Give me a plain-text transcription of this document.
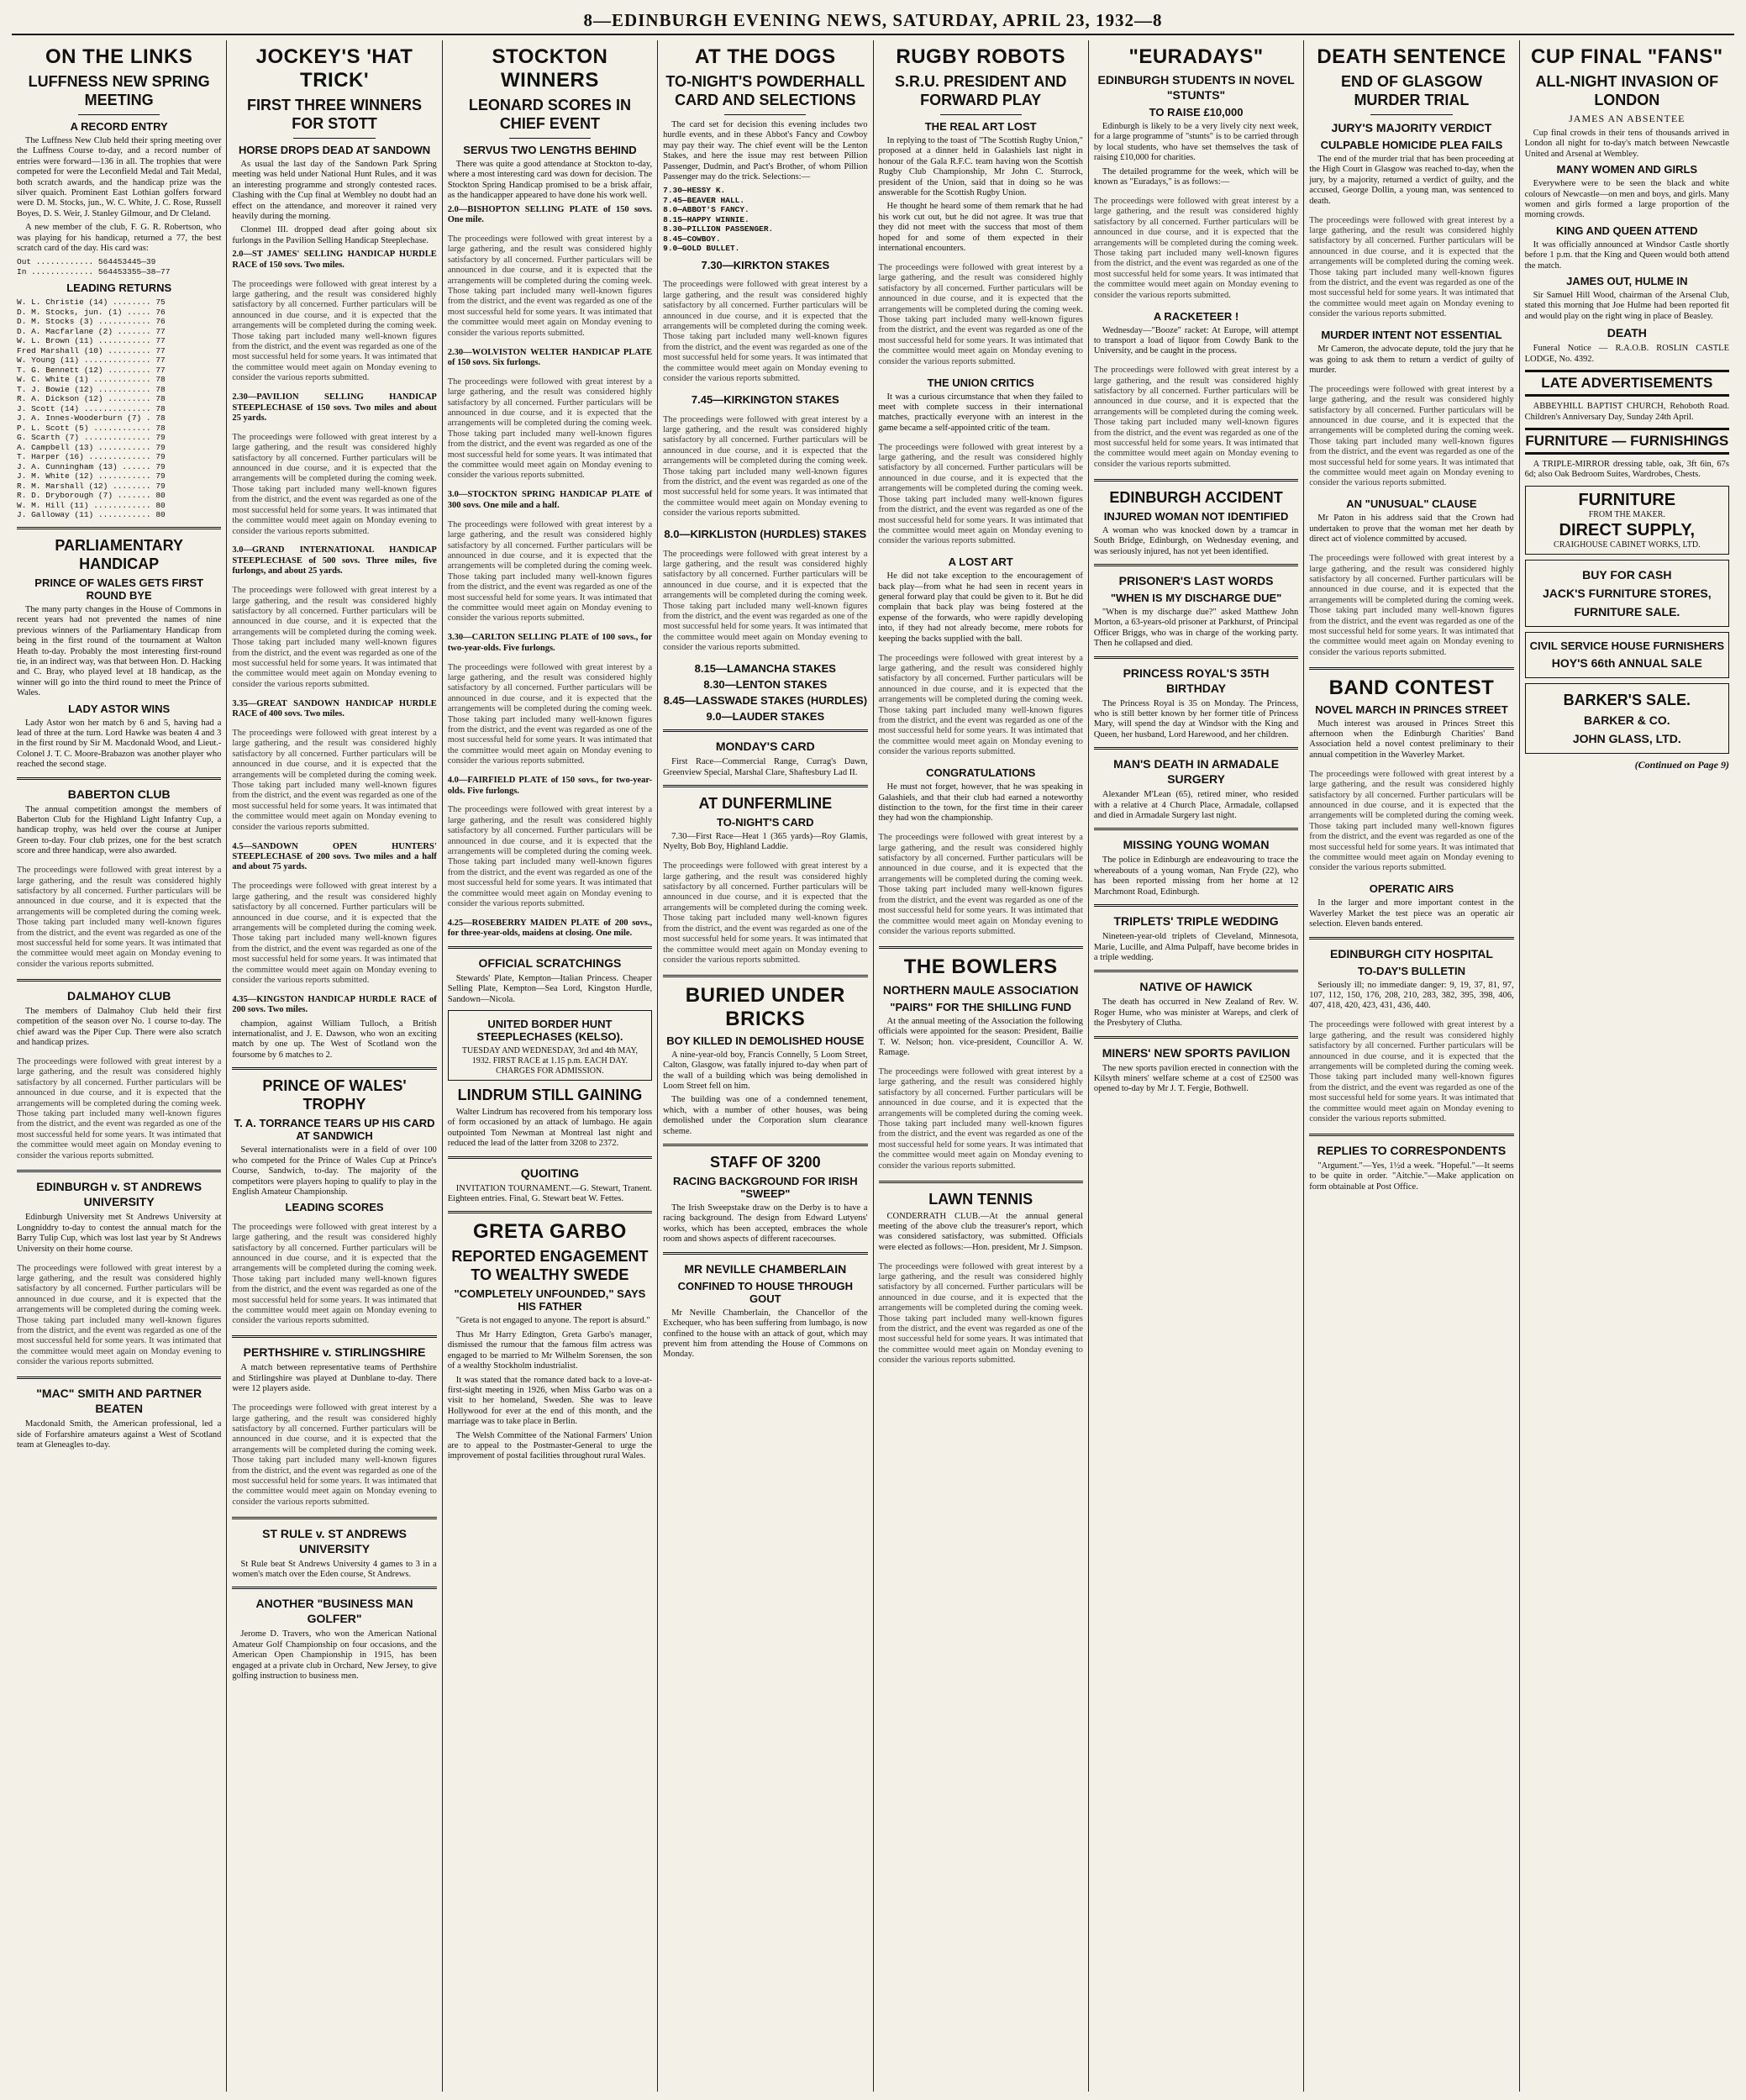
8—EDINBURGH EVENING NEWS, SATURDAY, APRIL 23, 1932—8
ON THE LINKS
LUFFNESS NEW SPRING MEETING
A RECORD ENTRY

The Luffness New Club held their spring meeting over the Luffness Course to-day, and a record number of entries were forward—136 in all. The trophies that were competed for were the Leconfield Medal and Tait Medal, both scratch awards, and the handicap prize was the silver quaich. Prominent East Lothian golfers forward were D. M. Stocks, jun., W. C. White, J. C. Rose, Russell Boyes, D. S. Weir, J. Stanley Gilmour, and Dr Cleland.

A new member of the club, F. G. R. Robertson, who was playing for his handicap, returned a 77, the best scratch card of the day. His card was:

Out ............ 564453445—39
In ............. 564453355—38—77
LEADING RETURNS
W. L. Christie (14) ........ 75
D. M. Stocks, jun. (1) ..... 76
D. M. Stocks (3) ........... 76
D. A. Macfarlane (2) ....... 77
W. L. Brown (11) ........... 77
Fred Marshall (10) ......... 77
W. Young (11) .............. 77
T. G. Bennett (12) ......... 77
W. C. White (1) ............ 78
T. J. Bowie (12) ........... 78
R. A. Dickson (12) ......... 78
J. Scott (14) .............. 78
J. A. Innes-Wooderburn (7) . 78
P. L. Scott (5) ............ 78
G. Scarth (7) .............. 79
A. Campbell (13) ........... 79
T. Harper (16) ............. 79
J. A. Cunningham (13) ...... 79
J. M. White (12) ........... 79
R. M. Marshall (12) ........ 79
R. D. Dryborough (7) ....... 80
W. M. Hill (11) ............ 80
J. Galloway (11) ........... 80
PARLIAMENTARY HANDICAP
PRINCE OF WALES GETS FIRST ROUND BYE

The many party changes in the House of Commons in recent years had not prevented the names of nine previous winners of the Parliamentary Handicap from being in the first round of the tournament at Walton Heath to-day. Probably the most interesting first-round tie, in an indirect way, was that between Hon. D. Hacking and C. Bray, who played level at 18 handicap, as the winner will go into the third round to meet the Prince of Wales.

LADY ASTOR WINS

Lady Astor won her match by 6 and 5, having had a lead of three at the turn. Lord Hawke was beaten 4 and 3 in the first round by Sir M. Macdonald Wood, and Lieut.-Colonel J. T. C. Moore-Brabazon was another player who reached the second stage.

BABERTON CLUB

The annual competition amongst the members of Baberton Club for the Highland Light Infantry Cup, a handicap trophy, was held over the course at Juniper Green to-day. Four club prizes, one for the best scratch score and three handicap, were also awarded.

The proceedings were followed with great interest by a large gathering, and the result was considered highly satisfactory by all concerned. Further particulars will be announced in due course, and it is expected that the arrangements will be completed during the coming week. Those taking part included many well-known figures from the district, and the event was regarded as one of the most successful held for some years. It was intimated that the committee would meet again on Monday evening to consider the various reports submitted.

DALMAHOY CLUB

The members of Dalmahoy Club held their first competition of the season over No. 1 course to-day. The chief award was the Piper Cup. There were also scratch and handicap prizes.

The proceedings were followed with great interest by a large gathering, and the result was considered highly satisfactory by all concerned. Further particulars will be announced in due course, and it is expected that the arrangements will be completed during the coming week. Those taking part included many well-known figures from the district, and the event was regarded as one of the most successful held for some years. It was intimated that the committee would meet again on Monday evening to consider the various reports submitted.

EDINBURGH v. ST ANDREWS UNIVERSITY

Edinburgh University met St Andrews University at Longniddry to-day to contest the annual match for the Barry Tulip Cup, which was lost last year by St Andrews University on their home course.

The proceedings were followed with great interest by a large gathering, and the result was considered highly satisfactory by all concerned. Further particulars will be announced in due course, and it is expected that the arrangements will be completed during the coming week. Those taking part included many well-known figures from the district, and the event was regarded as one of the most successful held for some years. It was intimated that the committee would meet again on Monday evening to consider the various reports submitted.

"MAC" SMITH AND PARTNER BEATEN

Macdonald Smith, the American professional, led a side of Forfarshire amateurs against a West of Scotland team at Gleneagles to-day.

JOCKEY'S 'HAT TRICK'
FIRST THREE WINNERS FOR STOTT
HORSE DROPS DEAD AT SANDOWN

As usual the last day of the Sandown Park Spring meeting was held under National Hunt Rules, and it was an interesting programme and strongly contested races. Clashing with the Cup final at Wembley no doubt had an effect on the attendance, and moreover it rained very heavily during the morning.

Clonmel III. dropped dead after going about six furlongs in the Pavilion Selling Handicap Steeplechase.

2.0—ST JAMES' SELLING HANDICAP HURDLE RACE of 150 sovs. Two miles.

The proceedings were followed with great interest by a large gathering, and the result was considered highly satisfactory by all concerned. Further particulars will be announced in due course, and it is expected that the arrangements will be completed during the coming week. Those taking part included many well-known figures from the district, and the event was regarded as one of the most successful held for some years. It was intimated that the committee would meet again on Monday evening to consider the various reports submitted.

2.30—PAVILION SELLING HANDICAP STEEPLECHASE of 150 sovs. Two miles and about 25 yards.

The proceedings were followed with great interest by a large gathering, and the result was considered highly satisfactory by all concerned. Further particulars will be announced in due course, and it is expected that the arrangements will be completed during the coming week. Those taking part included many well-known figures from the district, and the event was regarded as one of the most successful held for some years. It was intimated that the committee would meet again on Monday evening to consider the various reports submitted.

3.0—GRAND INTERNATIONAL HANDICAP STEEPLECHASE of 500 sovs. Three miles, five furlongs, and about 25 yards.

The proceedings were followed with great interest by a large gathering, and the result was considered highly satisfactory by all concerned. Further particulars will be announced in due course, and it is expected that the arrangements will be completed during the coming week. Those taking part included many well-known figures from the district, and the event was regarded as one of the most successful held for some years. It was intimated that the committee would meet again on Monday evening to consider the various reports submitted.

3.35—GREAT SANDOWN HANDICAP HURDLE RACE of 400 sovs. Two miles.

The proceedings were followed with great interest by a large gathering, and the result was considered highly satisfactory by all concerned. Further particulars will be announced in due course, and it is expected that the arrangements will be completed during the coming week. Those taking part included many well-known figures from the district, and the event was regarded as one of the most successful held for some years. It was intimated that the committee would meet again on Monday evening to consider the various reports submitted.

4.5—SANDOWN OPEN HUNTERS' STEEPLECHASE of 200 sovs. Two miles and a half and about 75 yards.

The proceedings were followed with great interest by a large gathering, and the result was considered highly satisfactory by all concerned. Further particulars will be announced in due course, and it is expected that the arrangements will be completed during the coming week. Those taking part included many well-known figures from the district, and the event was regarded as one of the most successful held for some years. It was intimated that the committee would meet again on Monday evening to consider the various reports submitted.

4.35—KINGSTON HANDICAP HURDLE RACE of 200 sovs. Two miles.

champion, against William Tulloch, a British internationalist, and J. E. Dawson, who won an exciting match by one up. The West of Scotland won the foursome by 6 matches to 2.

PRINCE OF WALES' TROPHY
T. A. TORRANCE TEARS UP HIS CARD AT SANDWICH

Several internationalists were in a field of over 100 who competed for the Prince of Wales Cup at Prince's Course, Sandwich, to-day. The majority of the competitors were players hoping to qualify to play in the English Amateur Championship.

LEADING SCORES

The proceedings were followed with great interest by a large gathering, and the result was considered highly satisfactory by all concerned. Further particulars will be announced in due course, and it is expected that the arrangements will be completed during the coming week. Those taking part included many well-known figures from the district, and the event was regarded as one of the most successful held for some years. It was intimated that the committee would meet again on Monday evening to consider the various reports submitted.

PERTHSHIRE v. STIRLINGSHIRE

A match between representative teams of Perthshire and Stirlingshire was played at Dunblane to-day. There were 12 players aside.

The proceedings were followed with great interest by a large gathering, and the result was considered highly satisfactory by all concerned. Further particulars will be announced in due course, and it is expected that the arrangements will be completed during the coming week. Those taking part included many well-known figures from the district, and the event was regarded as one of the most successful held for some years. It was intimated that the committee would meet again on Monday evening to consider the various reports submitted.

ST RULE v. ST ANDREWS UNIVERSITY

St Rule beat St Andrews University 4 games to 3 in a women's match over the Eden course, St Andrews.

ANOTHER "BUSINESS MAN GOLFER"

Jerome D. Travers, who won the American National Amateur Golf Championship on four occasions, and the American Open Championship in 1915, has been engaged at a private club in Orchard, New Jersey, to give golfing instruction to business men.

STOCKTON WINNERS
LEONARD SCORES IN CHIEF EVENT
SERVUS TWO LENGTHS BEHIND

There was quite a good attendance at Stockton to-day, where a most interesting card was down for decision. The Stockton Spring Handicap promised to be a brisk affair, as the handicapper appeared to have done his work well.

2.0—BISHOPTON SELLING PLATE of 150 sovs. One mile.

The proceedings were followed with great interest by a large gathering, and the result was considered highly satisfactory by all concerned. Further particulars will be announced in due course, and it is expected that the arrangements will be completed during the coming week. Those taking part included many well-known figures from the district, and the event was regarded as one of the most successful held for some years. It was intimated that the committee would meet again on Monday evening to consider the various reports submitted.

2.30—WOLVISTON WELTER HANDICAP PLATE of 150 sovs. Six furlongs.

The proceedings were followed with great interest by a large gathering, and the result was considered highly satisfactory by all concerned. Further particulars will be announced in due course, and it is expected that the arrangements will be completed during the coming week. Those taking part included many well-known figures from the district, and the event was regarded as one of the most successful held for some years. It was intimated that the committee would meet again on Monday evening to consider the various reports submitted.

3.0—STOCKTON SPRING HANDICAP PLATE of 300 sovs. One mile and a half.

The proceedings were followed with great interest by a large gathering, and the result was considered highly satisfactory by all concerned. Further particulars will be announced in due course, and it is expected that the arrangements will be completed during the coming week. Those taking part included many well-known figures from the district, and the event was regarded as one of the most successful held for some years. It was intimated that the committee would meet again on Monday evening to consider the various reports submitted.

3.30—CARLTON SELLING PLATE of 100 sovs., for two-year-olds. Five furlongs.

The proceedings were followed with great interest by a large gathering, and the result was considered highly satisfactory by all concerned. Further particulars will be announced in due course, and it is expected that the arrangements will be completed during the coming week. Those taking part included many well-known figures from the district, and the event was regarded as one of the most successful held for some years. It was intimated that the committee would meet again on Monday evening to consider the various reports submitted.

4.0—FAIRFIELD PLATE of 150 sovs., for two-year-olds. Five furlongs.

The proceedings were followed with great interest by a large gathering, and the result was considered highly satisfactory by all concerned. Further particulars will be announced in due course, and it is expected that the arrangements will be completed during the coming week. Those taking part included many well-known figures from the district, and the event was regarded as one of the most successful held for some years. It was intimated that the committee would meet again on Monday evening to consider the various reports submitted.

4.25—ROSEBERRY MAIDEN PLATE of 200 sovs., for three-year-olds, maidens at closing. One mile.

OFFICIAL SCRATCHINGS

Stewards' Plate, Kempton—Italian Princess. Cheaper Selling Plate, Kempton—Sea Lord, Kingston Hurdle, Sandown—Nicola.

UNITED BORDER HUNT STEEPLECHASES (KELSO).
TUESDAY AND WEDNESDAY, 3rd and 4th MAY, 1932. FIRST RACE at 1.15 p.m. EACH DAY. CHARGES FOR ADMISSION.
LINDRUM STILL GAINING

Walter Lindrum has recovered from his temporary loss of form occasioned by an attack of lumbago. He again outpointed Tom Newman at Montreal last night and reduced the lead of the latter from 3208 to 2372.

QUOITING

INVITATION TOURNAMENT.—G. Stewart, Tranent. Eighteen entries. Final, G. Stewart beat W. Fettes.

GRETA GARBO
REPORTED ENGAGEMENT TO WEALTHY SWEDE
"COMPLETELY UNFOUNDED," SAYS HIS FATHER

"Greta is not engaged to anyone. The report is absurd."

Thus Mr Harry Edington, Greta Garbo's manager, dismissed the rumour that the famous film actress was engaged to be married to Mr Wilhelm Sorensen, the son of a wealthy Stockholm industrialist.

It was stated that the romance dated back to a love-at-first-sight meeting in 1926, when Miss Garbo was on a visit to her homeland, Sweden. She was to leave Hollywood for ever at the end of this month, and the marriage was to take place in Berlin.

The Welsh Committee of the National Farmers' Union are to appeal to the Postmaster-General to urge the improvement of postal facilities throughout rural Wales.

AT THE DOGS
TO-NIGHT'S POWDERHALL CARD AND SELECTIONS

The card set for decision this evening includes two hurdle events, and in these Abbot's Fancy and Cowboy may pay their way. The chief event will be the Lenton Stakes, and here the issue may rest between Pillion Passenger, Dudmin, and Pact's Brother, of whom Pillion Passenger may do the trick. Selections:—

7.30—HESSY K.
7.45—BEAVER HALL.
8.0—ABBOT'S FANCY.
8.15—HAPPY WINNIE.
8.30—PILLION PASSENGER.
8.45—COWBOY.
9.0—GOLD BULLET.
7.30—KIRKTON STAKES

The proceedings were followed with great interest by a large gathering, and the result was considered highly satisfactory by all concerned. Further particulars will be announced in due course, and it is expected that the arrangements will be completed during the coming week. Those taking part included many well-known figures from the district, and the event was regarded as one of the most successful held for some years. It was intimated that the committee would meet again on Monday evening to consider the various reports submitted.

7.45—KIRKINGTON STAKES

The proceedings were followed with great interest by a large gathering, and the result was considered highly satisfactory by all concerned. Further particulars will be announced in due course, and it is expected that the arrangements will be completed during the coming week. Those taking part included many well-known figures from the district, and the event was regarded as one of the most successful held for some years. It was intimated that the committee would meet again on Monday evening to consider the various reports submitted.

8.0—KIRKLISTON (HURDLES) STAKES

The proceedings were followed with great interest by a large gathering, and the result was considered highly satisfactory by all concerned. Further particulars will be announced in due course, and it is expected that the arrangements will be completed during the coming week. Those taking part included many well-known figures from the district, and the event was regarded as one of the most successful held for some years. It was intimated that the committee would meet again on Monday evening to consider the various reports submitted.

8.15—LAMANCHA STAKES
8.30—LENTON STAKES
8.45—LASSWADE STAKES (HURDLES)
9.0—LAUDER STAKES
MONDAY'S CARD

First Race—Commercial Range, Currag's Dawn, Greenview Special, Marshal Clare, Shaftesbury Lad II.

AT DUNFERMLINE
TO-NIGHT'S CARD

7.30—First Race—Heat 1 (365 yards)—Roy Glamis, Nyelty, Bob Boy, Highland Laddie.

The proceedings were followed with great interest by a large gathering, and the result was considered highly satisfactory by all concerned. Further particulars will be announced in due course, and it is expected that the arrangements will be completed during the coming week. Those taking part included many well-known figures from the district, and the event was regarded as one of the most successful held for some years. It was intimated that the committee would meet again on Monday evening to consider the various reports submitted.

BURIED UNDER BRICKS
BOY KILLED IN DEMOLISHED HOUSE

A nine-year-old boy, Francis Connelly, 5 Loom Street, Calton, Glasgow, was fatally injured to-day when part of the wall of a building which was being demolished in Loom Street fell on him.

The building was one of a condemned tenement, which, with a number of other houses, was being demolished under the Corporation slum clearance scheme.

STAFF OF 3200
RACING BACKGROUND FOR IRISH "SWEEP"

The Irish Sweepstake draw on the Derby is to have a racing background. The design from Edward Lutyens' works, which has been accepted, embraces the whole room and shows aspects of different racecourses.

MR NEVILLE CHAMBERLAIN
CONFINED TO HOUSE THROUGH GOUT

Mr Neville Chamberlain, the Chancellor of the Exchequer, who has been suffering from lumbago, is now confined to the house with an attack of gout, which may prevent him from attending the House of Commons on Monday.

RUGBY ROBOTS
S.R.U. PRESIDENT AND FORWARD PLAY
THE REAL ART LOST

In replying to the toast of "The Scottish Rugby Union," proposed at a dinner held in Galashiels last night in honour of the Gala R.F.C. team having won the Scottish Rugby Club Championship, Mr John C. Sturrock, president of the Union, said that in doing so he was answerable for the Scottish Rugby Union.

He thought he heard some of them remark that he had his work cut out, but he did not agree. It was true that they did not meet with the success that most of them hoped for and some of them expected in their international encounters.

The proceedings were followed with great interest by a large gathering, and the result was considered highly satisfactory by all concerned. Further particulars will be announced in due course, and it is expected that the arrangements will be completed during the coming week. Those taking part included many well-known figures from the district, and the event was regarded as one of the most successful held for some years. It was intimated that the committee would meet again on Monday evening to consider the various reports submitted.

THE UNION CRITICS

It was a curious circumstance that when they failed to meet with complete success in their international matches, practically everyone with an interest in the game became a self-appointed critic of the team.

The proceedings were followed with great interest by a large gathering, and the result was considered highly satisfactory by all concerned. Further particulars will be announced in due course, and it is expected that the arrangements will be completed during the coming week. Those taking part included many well-known figures from the district, and the event was regarded as one of the most successful held for some years. It was intimated that the committee would meet again on Monday evening to consider the various reports submitted.

A LOST ART

He did not take exception to the encouragement of back play—from what he had seen in recent years in general forward play that could be given to it. But he did complain that back play was being fostered at the expense of the forwards, who were rapidly developing into, if they had not already become, mere robots for keeping the backs supplied with the ball.

The proceedings were followed with great interest by a large gathering, and the result was considered highly satisfactory by all concerned. Further particulars will be announced in due course, and it is expected that the arrangements will be completed during the coming week. Those taking part included many well-known figures from the district, and the event was regarded as one of the most successful held for some years. It was intimated that the committee would meet again on Monday evening to consider the various reports submitted.

CONGRATULATIONS

He must not forget, however, that he was speaking in Galashiels, and that their club had earned a noteworthy distinction to the town, for the first time in their career they had won the championship.

The proceedings were followed with great interest by a large gathering, and the result was considered highly satisfactory by all concerned. Further particulars will be announced in due course, and it is expected that the arrangements will be completed during the coming week. Those taking part included many well-known figures from the district, and the event was regarded as one of the most successful held for some years. It was intimated that the committee would meet again on Monday evening to consider the various reports submitted.

THE BOWLERS
NORTHERN MAULE ASSOCIATION
"PAIRS" FOR THE SHILLING FUND

At the annual meeting of the Association the following officials were appointed for the season: President, Bailie T. W. Nelson; hon. vice-president, Councillor A. W. Ramage.

The proceedings were followed with great interest by a large gathering, and the result was considered highly satisfactory by all concerned. Further particulars will be announced in due course, and it is expected that the arrangements will be completed during the coming week. Those taking part included many well-known figures from the district, and the event was regarded as one of the most successful held for some years. It was intimated that the committee would meet again on Monday evening to consider the various reports submitted.

LAWN TENNIS

CONDERRATH CLUB.—At the annual general meeting of the above club the treasurer's report, which was considered satisfactory, was submitted. Officials were elected as follows:—Hon. president, Mr J. Simpson.

The proceedings were followed with great interest by a large gathering, and the result was considered highly satisfactory by all concerned. Further particulars will be announced in due course, and it is expected that the arrangements will be completed during the coming week. Those taking part included many well-known figures from the district, and the event was regarded as one of the most successful held for some years. It was intimated that the committee would meet again on Monday evening to consider the various reports submitted.

"EURADAYS"
EDINBURGH STUDENTS IN NOVEL "STUNTS"
TO RAISE £10,000

Edinburgh is likely to be a very lively city next week, for a large programme of "stunts" is to be carried through by local students, who have set themselves the task of raising £10,000 for charities.

The detailed programme for the week, which will be known as "Euradays," is as follows:—

The proceedings were followed with great interest by a large gathering, and the result was considered highly satisfactory by all concerned. Further particulars will be announced in due course, and it is expected that the arrangements will be completed during the coming week. Those taking part included many well-known figures from the district, and the event was regarded as one of the most successful held for some years. It was intimated that the committee would meet again on Monday evening to consider the various reports submitted.

A RACKETEER !

Wednesday—"Booze" racket: At Europe, will attempt to transport a load of liquor from Cowdy Bank to the University, and be caught in the process.

The proceedings were followed with great interest by a large gathering, and the result was considered highly satisfactory by all concerned. Further particulars will be announced in due course, and it is expected that the arrangements will be completed during the coming week. Those taking part included many well-known figures from the district, and the event was regarded as one of the most successful held for some years. It was intimated that the committee would meet again on Monday evening to consider the various reports submitted.

EDINBURGH ACCIDENT
INJURED WOMAN NOT IDENTIFIED

A woman who was knocked down by a tramcar in South Bridge, Edinburgh, on Wednesday evening, and was seriously injured, has not yet been identified.

PRISONER'S LAST WORDS
"WHEN IS MY DISCHARGE DUE"

"When is my discharge due?" asked Matthew John Morton, a 63-years-old prisoner at Parkhurst, of Principal Officer Briggs, who was in charge of the working party. Then he collapsed and died.

PRINCESS ROYAL'S 35TH BIRTHDAY

The Princess Royal is 35 on Monday. The Princess, who is still better known by her former title of Princess Mary, will spend the day at Windsor with the King and Queen, her husband, Lord Harewood, and her children.

MAN'S DEATH IN ARMADALE SURGERY

Alexander M'Lean (65), retired miner, who resided with a relative at 4 Church Place, Armadale, collapsed and died in Armadale Surgery last night.

MISSING YOUNG WOMAN

The police in Edinburgh are endeavouring to trace the whereabouts of a young woman, Nan Fryde (22), who has been reported missing from her home at 12 Marchmont Road, Edinburgh.

TRIPLETS' TRIPLE WEDDING

Nineteen-year-old triplets of Cleveland, Minnesota, Marie, Lucille, and Alma Pulpaff, have become brides in a triple wedding.

NATIVE OF HAWICK

The death has occurred in New Zealand of Rev. W. Roger Hume, who was minister at Wareps, and clerk of the Presbytery of Clutha.

MINERS' NEW SPORTS PAVILION

The new sports pavilion erected in connection with the Kilsyth miners' welfare scheme at a cost of £2500 was opened to-day by Mr J. T. Fergie, Bothwell.

DEATH SENTENCE
END OF GLASGOW MURDER TRIAL
JURY'S MAJORITY VERDICT
CULPABLE HOMICIDE PLEA FAILS

The end of the murder trial that has been proceeding at the High Court in Glasgow was reached to-day, when the jury, by a majority, returned a verdict of guilty, and the accused, George Dollin, a young man, was sentenced to death.

The proceedings were followed with great interest by a large gathering, and the result was considered highly satisfactory by all concerned. Further particulars will be announced in due course, and it is expected that the arrangements will be completed during the coming week. Those taking part included many well-known figures from the district, and the event was regarded as one of the most successful held for some years. It was intimated that the committee would meet again on Monday evening to consider the various reports submitted.

MURDER INTENT NOT ESSENTIAL

Mr Cameron, the advocate depute, told the jury that he was going to ask them to return a verdict of guilty of murder.

The proceedings were followed with great interest by a large gathering, and the result was considered highly satisfactory by all concerned. Further particulars will be announced in due course, and it is expected that the arrangements will be completed during the coming week. Those taking part included many well-known figures from the district, and the event was regarded as one of the most successful held for some years. It was intimated that the committee would meet again on Monday evening to consider the various reports submitted.

AN "UNUSUAL" CLAUSE

Mr Paton in his address said that the Crown had undertaken to prove that the woman met her death by direct act of violence committed by accused.

The proceedings were followed with great interest by a large gathering, and the result was considered highly satisfactory by all concerned. Further particulars will be announced in due course, and it is expected that the arrangements will be completed during the coming week. Those taking part included many well-known figures from the district, and the event was regarded as one of the most successful held for some years. It was intimated that the committee would meet again on Monday evening to consider the various reports submitted.

BAND CONTEST
NOVEL MARCH IN PRINCES STREET

Much interest was aroused in Princes Street this afternoon when the Edinburgh Charities' Band Association held a novel contest preliminary to their annual competition in the Waverley Market.

The proceedings were followed with great interest by a large gathering, and the result was considered highly satisfactory by all concerned. Further particulars will be announced in due course, and it is expected that the arrangements will be completed during the coming week. Those taking part included many well-known figures from the district, and the event was regarded as one of the most successful held for some years. It was intimated that the committee would meet again on Monday evening to consider the various reports submitted.

OPERATIC AIRS

In the larger and more important contest in the Waverley Market the test piece was an operatic air selection. Eleven bands entered.

EDINBURGH CITY HOSPITAL
TO-DAY'S BULLETIN

Seriously ill; no immediate danger: 9, 19, 37, 81, 97, 107, 112, 150, 176, 208, 210, 283, 382, 395, 398, 406, 407, 418, 420, 423, 431, 436, 440.

The proceedings were followed with great interest by a large gathering, and the result was considered highly satisfactory by all concerned. Further particulars will be announced in due course, and it is expected that the arrangements will be completed during the coming week. Those taking part included many well-known figures from the district, and the event was regarded as one of the most successful held for some years. It was intimated that the committee would meet again on Monday evening to consider the various reports submitted.

REPLIES TO CORRESPONDENTS

"Argument."—Yes, 1½d a week. "Hopeful."—It seems to be quite in order. "Aitchie."—Make application on form obtainable at Post Office.

CUP FINAL "FANS"
ALL-NIGHT INVASION OF LONDON
JAMES AN ABSENTEE

Cup final crowds in their tens of thousands arrived in London all night for to-day's match between Newcastle United and Arsenal at Wembley.

MANY WOMEN AND GIRLS

Everywhere were to be seen the black and white colours of Newcastle—on men and boys, and girls. Many women and girls formed a large proportion of the morning crowds.

KING AND QUEEN ATTEND

It was officially announced at Windsor Castle shortly before 1 p.m. that the King and Queen would both attend the match.

JAMES OUT, HULME IN

Sir Samuel Hill Wood, chairman of the Arsenal Club, stated this morning that Joe Hulme had been reported fit and would play on the right wing in place of Beasley.

DEATH

Funeral Notice — R.A.O.B. ROSLIN CASTLE LODGE, No. 4392.

LATE ADVERTISEMENTS

ABBEYHILL BAPTIST CHURCH, Rehoboth Road. Children's Anniversary Day, Sunday 24th April.

FURNITURE — FURNISHINGS

A TRIPLE-MIRROR dressing table, oak, 3ft 6in, 67s 6d; also Oak Bedroom Suites, Wardrobes, Chests.

FURNITURE
FROM THE MAKER.
DIRECT SUPPLY,
CRAIGHOUSE CABINET WORKS, LTD.
BUY FOR CASH
JACK'S FURNITURE STORES,
FURNITURE SALE.
CIVIL SERVICE HOUSE FURNISHERS
HOY'S 66th ANNUAL SALE
BARKER'S SALE.
BARKER & CO.
JOHN GLASS, LTD.
(Continued on Page 9)
